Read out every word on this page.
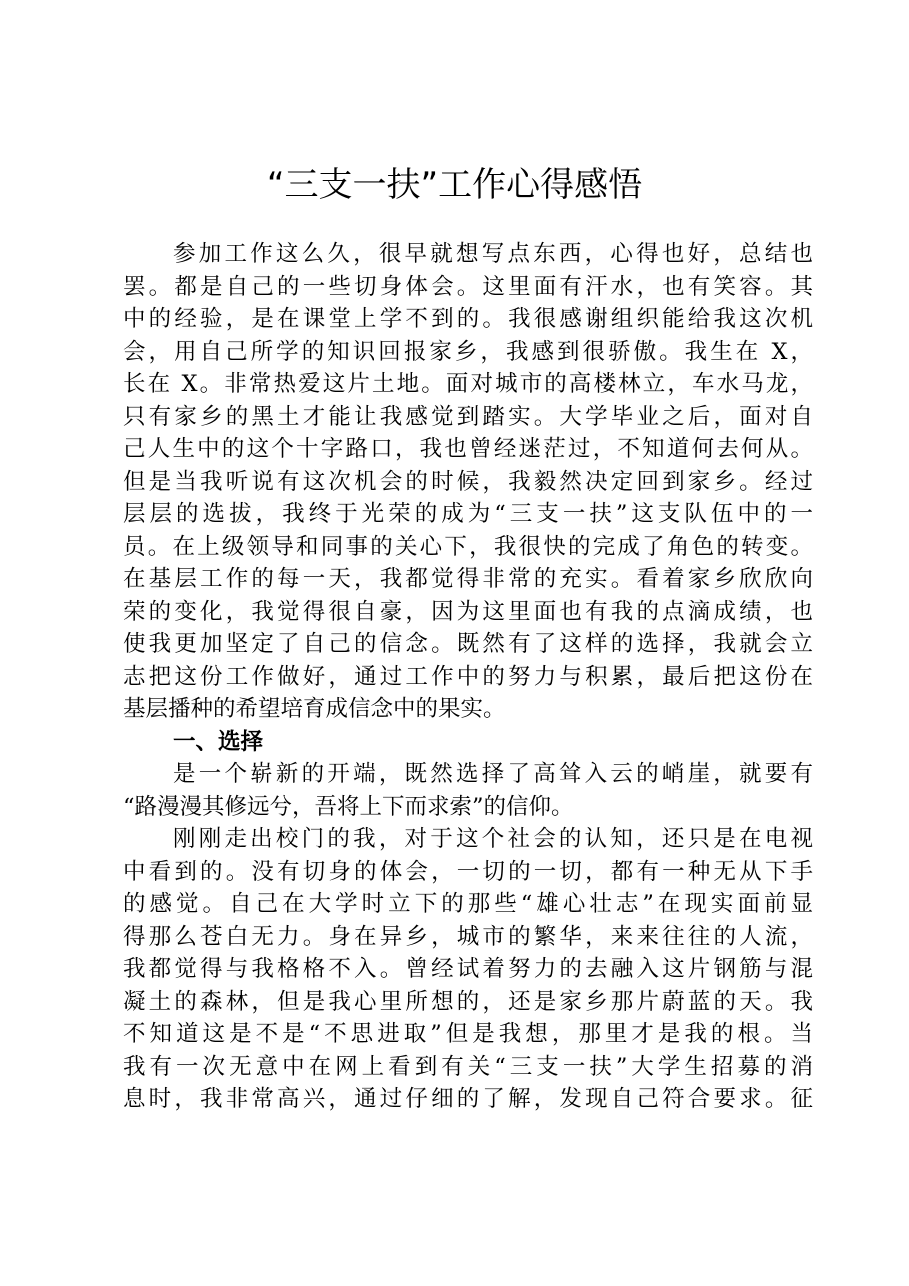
“三支一扶”工作心得感悟
参加工作这么久，很早就想写点东西，心得也好，总结也
罢。都是自己的一些切身体会。这里面有汗水，也有笑容。其
中的经验，是在课堂上学不到的。我很感谢组织能给我这次机
会，用自己所学的知识回报家乡，我感到很骄傲。我生在 X，
长在 X。非常热爱这片土地。面对城市的高楼林立，车水马龙，
只有家乡的黑土才能让我感觉到踏实。大学毕业之后，面对自
己人生中的这个十字路口，我也曾经迷茫过，不知道何去何从。
但是当我听说有这次机会的时候，我毅然决定回到家乡。经过
层层的选拔，我终于光荣的成为“三支一扶”这支队伍中的一
员。在上级领导和同事的关心下，我很快的完成了角色的转变。
在基层工作的每一天，我都觉得非常的充实。看着家乡欣欣向
荣的变化，我觉得很自豪，因为这里面也有我的点滴成绩，也
使我更加坚定了自己的信念。既然有了这样的选择，我就会立
志把这份工作做好，通过工作中的努力与积累，最后把这份在
基层播种的希望培育成信念中的果实。
一、选择
是一个崭新的开端，既然选择了高耸入云的峭崖，就要有
“路漫漫其修远兮，吾将上下而求索”的信仰。
刚刚走出校门的我，对于这个社会的认知，还只是在电视
中看到的。没有切身的体会，一切的一切，都有一种无从下手
的感觉。自己在大学时立下的那些“雄心壮志”在现实面前显
得那么苍白无力。身在异乡，城市的繁华，来来往往的人流，
我都觉得与我格格不入。曾经试着努力的去融入这片钢筋与混
凝土的森林，但是我心里所想的，还是家乡那片蔚蓝的天。我
不知道这是不是“不思进取”但是我想，那里才是我的根。当
我有一次无意中在网上看到有关“三支一扶”大学生招募的消
息时，我非常高兴，通过仔细的了解，发现自己符合要求。征
